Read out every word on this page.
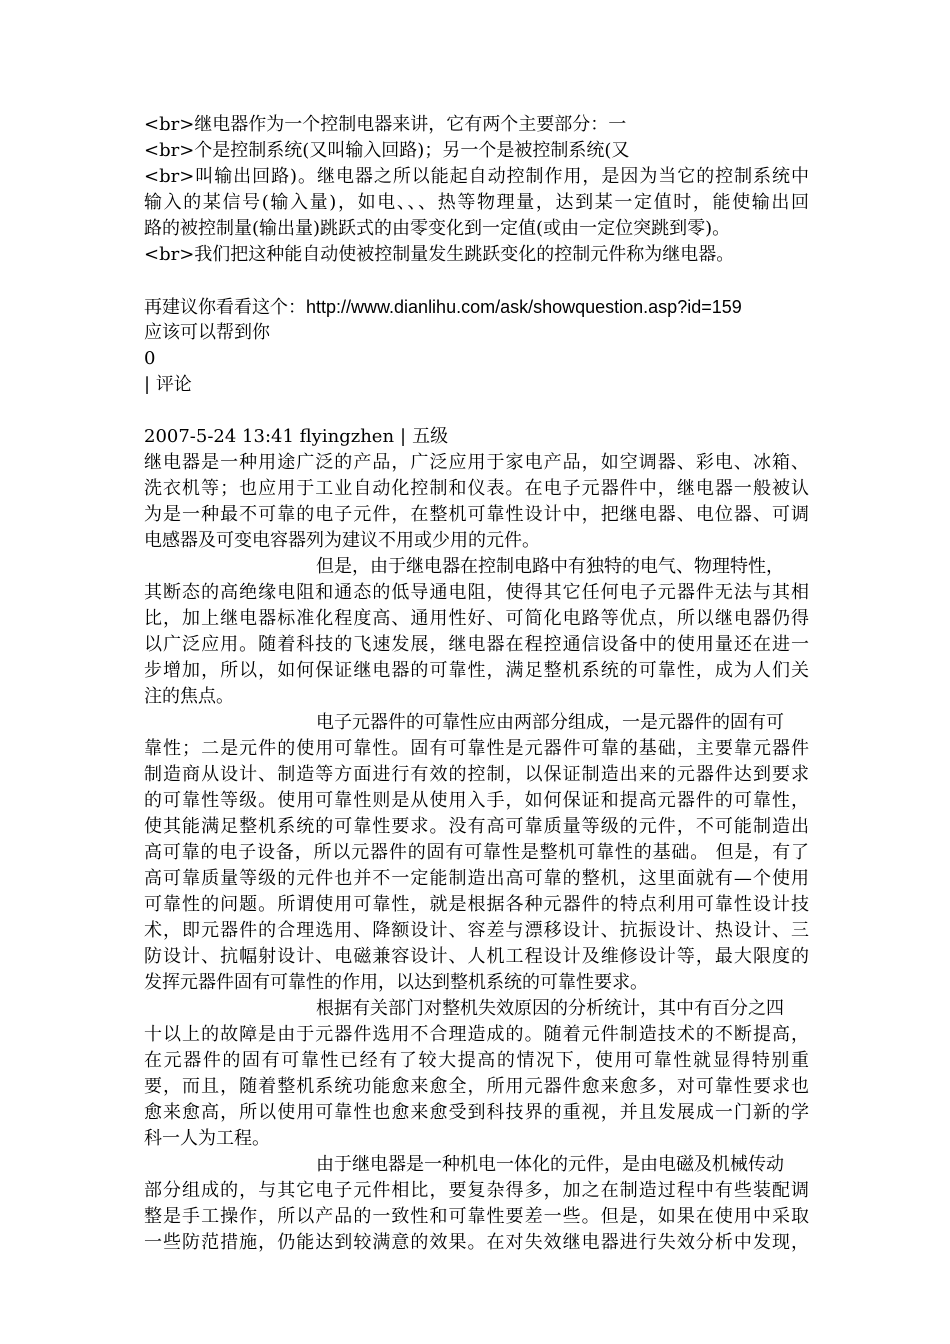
<br>继电器作为一个控制电器来讲，它有两个主要部分：一
<br>个是控制系统(又叫输入回路)；另一个是被控制系统(又
<br>叫输出回路)。继电器之所以能起自动控制作用，是因为当它的控制系统中
输入的某信号(输入量)，如电、、、热等物理量，达到某一定值时，能使输出回
路的被控制量(输出量)跳跃式的由零变化到一定值(或由一定位突跳到零)。
<br>我们把这种能自动使被控制量发生跳跃变化的控制元件称为继电器。
再建议你看看这个：http://www.dianlihu.com/ask/showquestion.asp?id=159
应该可以帮到你
0
| 评论
2007-5-24 13:41 flyingzhen | 五级
继电器是一种用途广泛的产品，广泛应用于家电产品，如空调器、彩电、冰箱、
洗衣机等；也应用于工业自动化控制和仪表。在电子元器件中，继电器一般被认
为是一种最不可靠的电子元件，在整机可靠性设计中，把继电器、电位器、可调
电感器及可变电容器列为建议不用或少用的元件。
但是，由于继电器在控制电路中有独特的电气、物理特性，
其断态的高绝缘电阻和通态的低导通电阻，使得其它任何电子元器件无法与其相
比，加上继电器标准化程度高、通用性好、可简化电路等优点，所以继电器仍得
以广泛应用。随着科技的飞速发展，继电器在程控通信设备中的使用量还在进一
步增加，所以，如何保证继电器的可靠性，满足整机系统的可靠性，成为人们关
注的焦点。
电子元器件的可靠性应由两部分组成，一是元器件的固有可
靠性；二是元件的使用可靠性。固有可靠性是元器件可靠的基础，主要靠元器件
制造商从设计、制造等方面进行有效的控制，以保证制造出来的元器件达到要求
的可靠性等级。使用可靠性则是从使用入手，如何保证和提高元器件的可靠性，
使其能满足整机系统的可靠性要求。没有高可靠质量等级的元件，不可能制造出
高可靠的电子设备，所以元器件的固有可靠性是整机可靠性的基础。 但是，有了
高可靠质量等级的元件也并不一定能制造出高可靠的整机，这里面就有—个使用
可靠性的问题。所谓使用可靠性，就是根据各种元器件的特点利用可靠性设计技
术，即元器件的合理选用、降额设计、容差与漂移设计、抗振设计、热设计、三
防设计、抗幅射设计、电磁兼容设计、人机工程设计及维修设计等，最大限度的
发挥元器件固有可靠性的作用，以达到整机系统的可靠性要求。
根据有关部门对整机失效原因的分析统计，其中有百分之四
十以上的故障是由于元器件选用不合理造成的。随着元件制造技术的不断提高，
在元器件的固有可靠性已经有了较大提高的情况下，使用可靠性就显得特别重
要，而且，随着整机系统功能愈来愈全，所用元器件愈来愈多，对可靠性要求也
愈来愈高，所以使用可靠性也愈来愈受到科技界的重视，并且发展成一门新的学
科一人为工程。
由于继电器是一种机电一体化的元件，是由电磁及机械传动
部分组成的，与其它电子元件相比，要复杂得多，加之在制造过程中有些装配调
整是手工操作，所以产品的一致性和可靠性要差一些。但是，如果在使用中采取
一些防范措施，仍能达到较满意的效果。在对失效继电器进行失效分析中发现，
